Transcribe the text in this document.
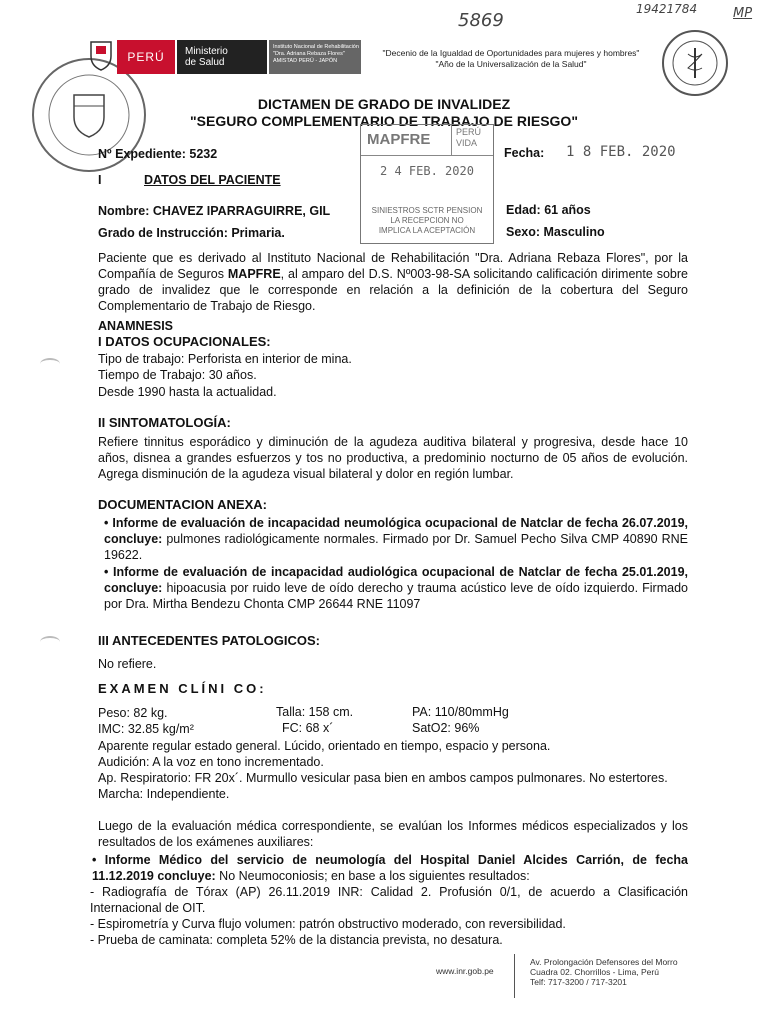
5869
19421784	MP
PERÚ	Ministerio
de Salud
Instituto Nacional de Rehabilitación
"Dra. Adriana Rebaza Flores"
AMISTAD PERÚ - JAPÓN
"Decenio de la Igualdad de Oportunidades para mujeres y hombres"
"Año de la Universalización de la Salud"
DICTAMEN DE GRADO DE INVALIDEZ
"SEGURO COMPLEMENTARIO DE TRABAJO DE RIESGO"
MAPFRE	PERÚ
VIDA
2 4 FEB. 2020
SINIESTROS SCTR PENSION
LA RECEPCION NO
IMPLICA LA ACEPTACIÓN
Nº Expediente: 5232	Fecha: 1 8 FEB. 2020
I	DATOS DEL PACIENTE
Nombre: CHAVEZ IPARRAGUIRRE, GIL	Edad: 61 años
Grado de Instrucción: Primaria.	Sexo: Masculino
Paciente que es derivado al Instituto Nacional de Rehabilitación "Dra. Adriana Rebaza Flores", por la Compañía de Seguros MAPFRE, al amparo del D.S. Nº003-98-SA solicitando calificación dirimente sobre grado de invalidez que le corresponde en relación a la definición de la cobertura del Seguro Complementario de Trabajo de Riesgo.
ANAMNESIS
I DATOS OCUPACIONALES:
Tipo de trabajo: Perforista en interior de mina.
Tiempo de Trabajo: 30 años.
Desde 1990 hasta la actualidad.
II SINTOMATOLOGÍA:
Refiere tinnitus esporádico y diminución de la agudeza auditiva bilateral y progresiva, desde hace 10 años, disnea a grandes esfuerzos y tos no productiva, a predominio nocturno de 05 años de evolución. Agrega disminución de la agudeza visual bilateral y dolor en región lumbar.
DOCUMENTACION ANEXA:
• Informe de evaluación de incapacidad neumológica ocupacional de Natclar de fecha 26.07.2019, concluye: pulmones radiológicamente normales. Firmado por Dr. Samuel Pecho Silva CMP 40890 RNE 19622.
• Informe de evaluación de incapacidad audiológica ocupacional de Natclar de fecha 25.01.2019, concluye: hipoacusia por ruido leve de oído derecho y trauma acústico leve de oído izquierdo. Firmado por Dra. Mirtha Bendezu Chonta CMP 26644 RNE 11097
III ANTECEDENTES PATOLOGICOS:
No refiere.
EXAMEN CLÍNI CO:
Peso: 82 kg.	Talla: 158 cm.	PA: 110/80mmHg
IMC: 32.85 kg/m²	FC: 68 x´	SatO2: 96%
Aparente regular estado general. Lúcido, orientado en tiempo, espacio y persona.
Audición: A la voz en tono incrementado.
Ap. Respiratorio: FR 20x´. Murmullo vesicular pasa bien en ambos campos pulmonares. No estertores.
Marcha: Independiente.
Luego de la evaluación médica correspondiente, se evalúan los Informes médicos especializados y los resultados de los exámenes auxiliares:
• Informe Médico del servicio de neumología del Hospital Daniel Alcides Carrión, de fecha 11.12.2019 concluye: No Neumoconiosis; en base a los siguientes resultados:
- Radiografía de Tórax (AP) 26.11.2019 INR: Calidad 2. Profusión 0/1, de acuerdo a Clasificación Internacional de OIT.
- Espirometría y Curva flujo volumen: patrón obstructivo moderado, con reversibilidad.
- Prueba de caminata: completa 52% de la distancia prevista, no desatura.
www.inr.gob.pe
Av. Prolongación Defensores del Morro
Cuadra 02. Chorrillos - Lima, Perú
Telf: 717-3200 / 717-3201
